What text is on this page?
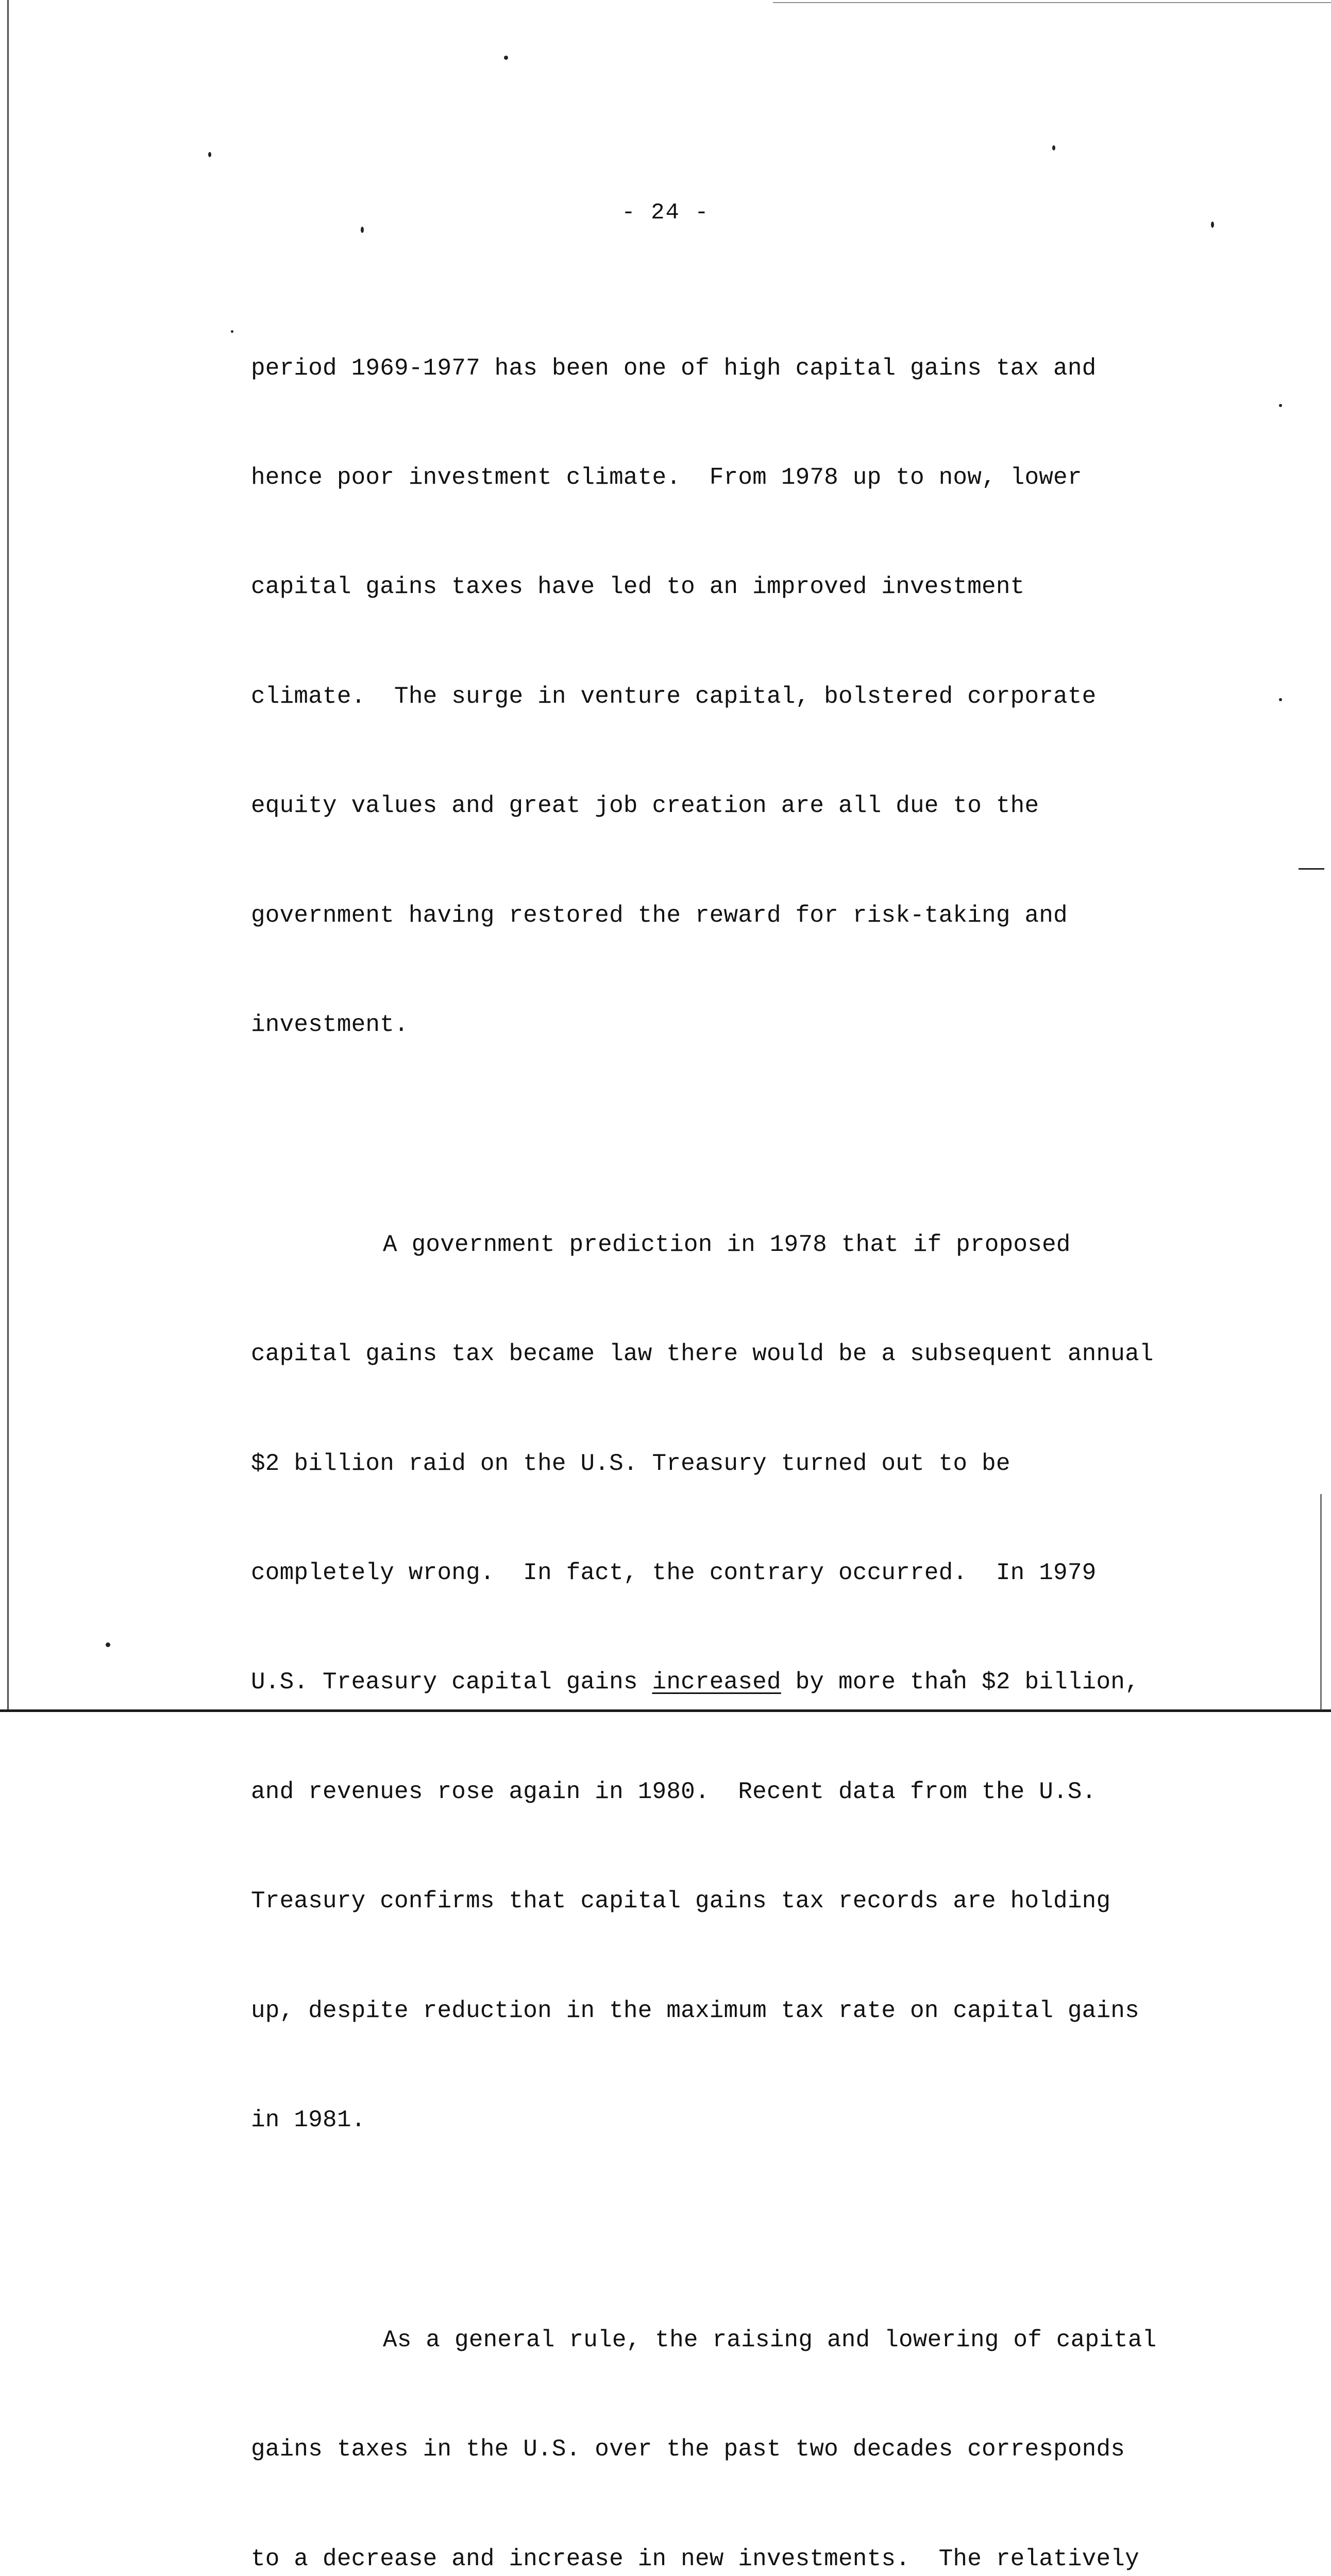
- 24 -

period 1969-1977 has been one of high capital gains tax and

hence poor investment climate.  From 1978 up to now, lower

capital gains taxes have led to an improved investment

climate.  The surge in venture capital, bolstered corporate

equity values and great job creation are all due to the

government having restored the reward for risk-taking and

investment.

A government prediction in 1978 that if proposed

capital gains tax became law there would be a subsequent annual

$2 billion raid on the U.S. Treasury turned out to be

completely wrong.  In fact, the contrary occurred.  In 1979

U.S. Treasury capital gains increased by more than $2 billion,

and revenues rose again in 1980.  Recent data from the U.S.

Treasury confirms that capital gains tax records are holding

up, despite reduction in the maximum tax rate on capital gains

in 1981.

As a general rule, the raising and lowering of capital

gains taxes in the U.S. over the past two decades corresponds

to a decrease and increase in new investments.  The relatively
